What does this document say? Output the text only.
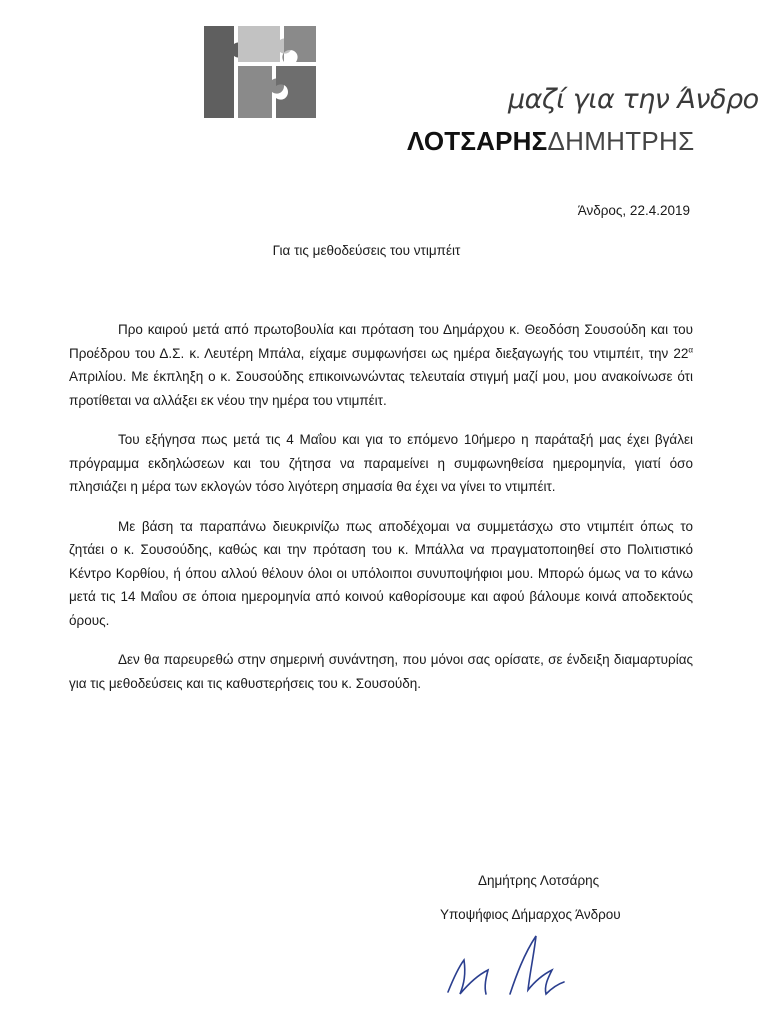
μαζί για την Άνδρο
ΛΟΤΣΑΡΗΣΔΗΜΗΤΡΗΣ
Άνδρος, 22.4.2019
Για τις μεθοδεύσεις του ντιμπέιτ

Προ καιρού μετά από πρωτοβουλία και πρόταση του Δημάρχου κ. Θεοδόση Σουσούδη και του Προέδρου του Δ.Σ. κ. Λευτέρη Μπάλα, είχαμε συμφωνήσει ως ημέρα διεξαγωγής του ντιμπέιτ, την $22^\alpha$ Απριλίου. Με έκπληξη ο κ. Σουσούδης επικοινωνώντας τελευταία στιγμή μαζί μου, μου ανακοίνωσε ότι προτίθεται να αλλάξει εκ νέου την ημέρα του ντιμπέιτ.

Του εξήγησα πως μετά τις 4 Μαΐου και για το επόμενο 10ήμερο η παράταξή μας έχει βγάλει πρόγραμμα εκδηλώσεων και του ζήτησα να παραμείνει η συμφωνηθείσα ημερομηνία, γιατί όσο πλησιάζει η μέρα των εκλογών τόσο λιγότερη σημασία θα έχει να γίνει το ντιμπέιτ.

Με βάση τα παραπάνω διευκρινίζω πως αποδέχομαι να συμμετάσχω στο ντιμπέιτ όπως το ζητάει ο κ. Σουσούδης, καθώς και την πρόταση του κ. Μπάλλα να πραγματοποιηθεί στο Πολιτιστικό Κέντρο Κορθίου, ή όπου αλλού θέλουν όλοι οι υπόλοιποι συνυποψήφιοι μου. Μπορώ όμως να το κάνω μετά τις 14 Μαΐου σε όποια ημερομηνία από κοινού καθορίσουμε και αφού βάλουμε κοινά αποδεκτούς όρους.

Δεν θα παρευρεθώ στην σημερινή συνάντηση, που μόνοι σας ορίσατε, σε ένδειξη διαμαρτυρίας για τις μεθοδεύσεις και τις καθυστερήσεις του κ. Σουσούδη.

Δημήτρης Λοτσάρης
Υποψήφιος Δήμαρχος Άνδρου
